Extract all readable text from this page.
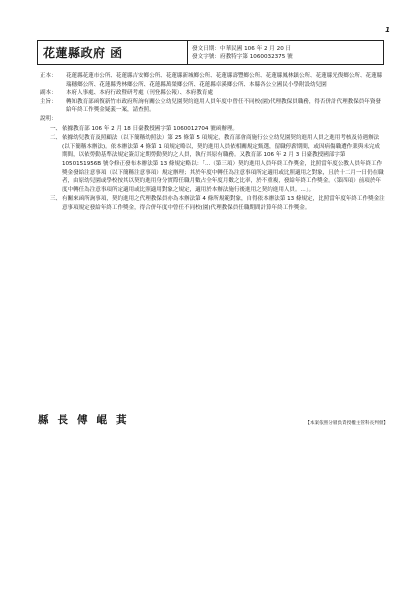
1
花蓮縣政府 函	發文日期：中華民國 106 年 2 月 20 日
發文字號：府教特字第 1060032375 號
正本：	花蓮縣花蓮市公所、花蓮縣吉安鄉公所、花蓮縣新城鄉公所、花蓮縣壽豐鄉公所、花蓮縣鳳林鎮公所、花蓮縣光復鄉公所、花蓮縣瑞穗鄉公所、花蓮縣秀林鄉公所、花蓮縣萬榮鄉公所、花蓮縣卓溪鄉公所、本縣各公立國民小學附設幼兒園
副本：	本府人事處、本府行政暨研考處（刊登縣公報）、本府教育處
主旨：	轉知教育部函復新竹市政府所詢有關公立幼兒園契約進用人員年度中曾任不同校(園)代理教保員職務，得否併計代理教保員年資發給年終工作獎金疑義一案，請查照。
說明：
一、 依據教育部 106 年 2 月 18 日臺教授國字第 1060012704 號函辦理。
二、 依據幼兒教育及照顧法（以下簡稱幼照法）第 25 條第 5 項規定，教育部會商施行公立幼兒園契約進用人員之進用考核及待遇辦法(以下簡稱本辦法)。依本辦法第 4 條第 1 項規定略以，契約進用人員依相關規定甄選，留職停薪期間，或因病傷職遭作業與未完成期間，以依勞動基準法規定簽訂定期勞動契約之人員，執行其原有職務。又教育部 106 年 2 月 3 日臺教授國部字第 1050151956B 號令修正發布本辦法第 13 條規定略以：「...（第三項）契約進用人員年終工作獎金，比照當年度公教人員年終工作獎金發給注意事項（以下簡稱注意事項）規定辦理；其於年度中轉任為注意事項所定適用或比照適用之對象，且於十二月一日仍在職者，由原幼兒園或學校按其以契約進用身分實際任職月數占全年度月數之比率，於不重複，發給年終工作獎金。（第四項）前項於年度中轉任為注意事項所定適用或比照適用對象之規定，適用於本辦法施行後進用之契約進用人員。...」。
三、 有關來函所詢事項，契約進用之代理教保員亦為本辦法第 4 條所規範對象，自得依本辦法第 13 條規定，比照當年度年終工作獎金注意事項規定發給年終工作獎金，得合併年度中曾任不同校(園)代理教保員任職期間計算年終工作獎金。
縣長傅崐萁	【本案依照分層負責授權主管科長判發】
